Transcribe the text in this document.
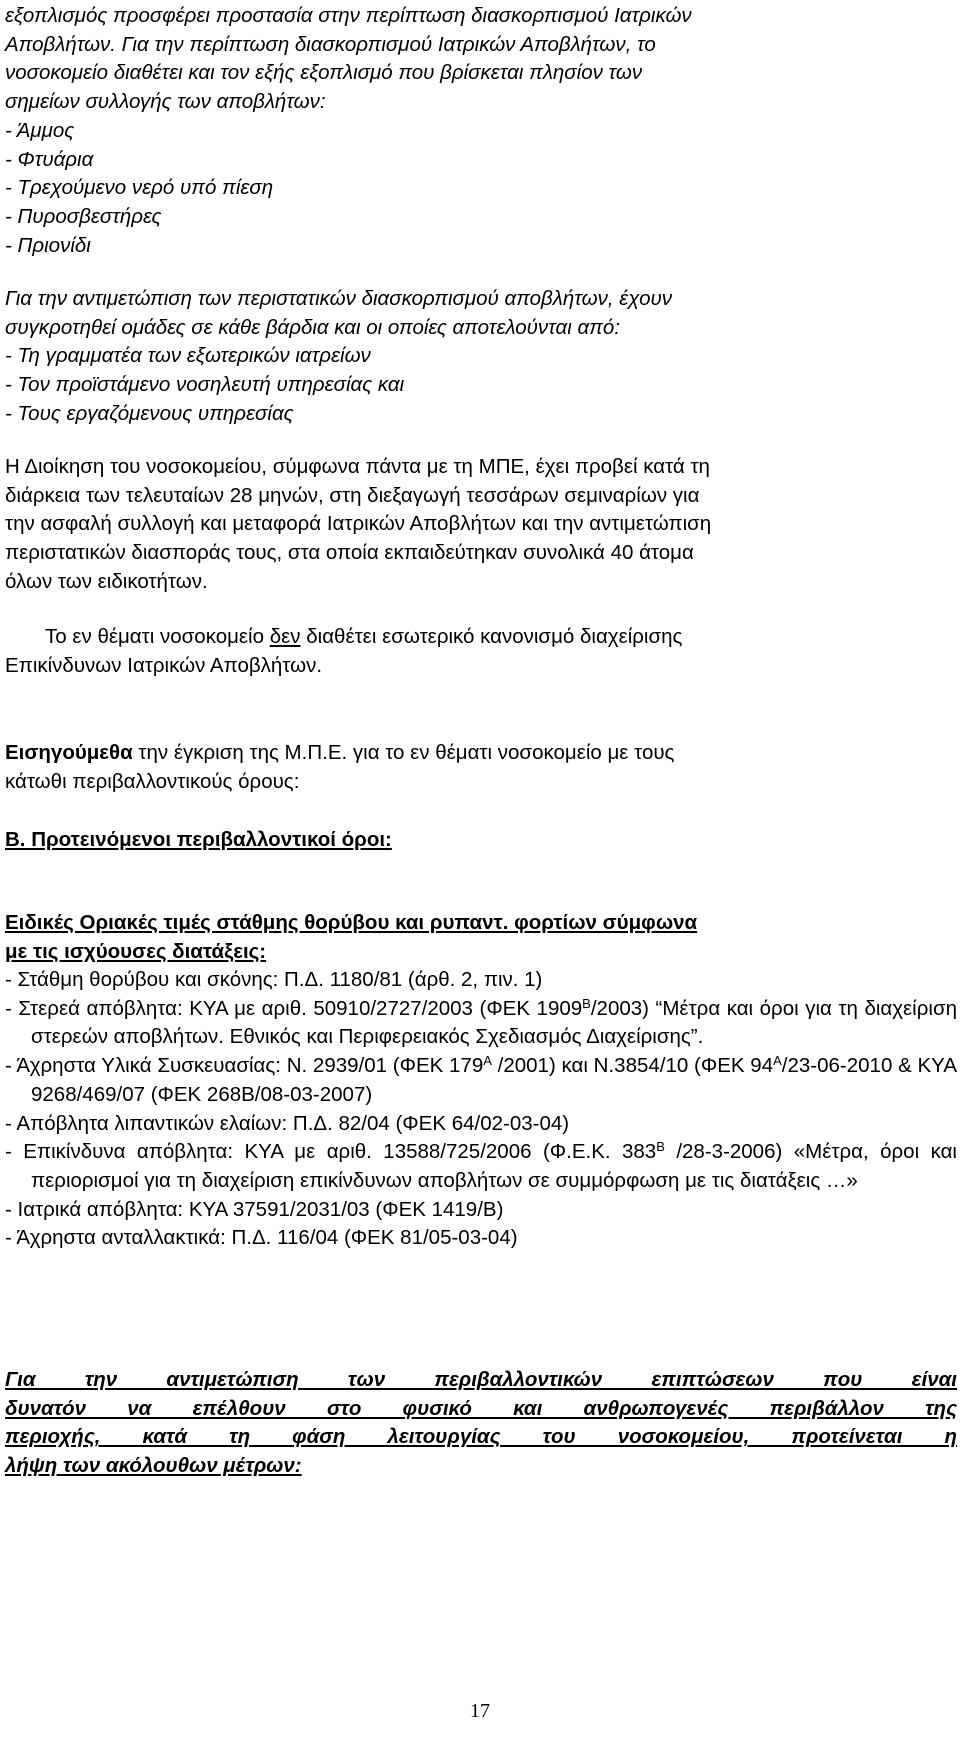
εξοπλισμός προσφέρει προστασία στην περίπτωση διασκορπισμού Ιατρικών
Αποβλήτων. Για την περίπτωση διασκορπισμού Ιατρικών Αποβλήτων, το
νοσοκομείο διαθέτει και τον εξής εξοπλισμό που βρίσκεται πλησίον των
σημείων συλλογής των αποβλήτων:
- Άμμος
- Φτυάρια
- Τρεχούμενο νερό υπό πίεση
- Πυροσβεστήρες
- Πριονίδι
Για την αντιμετώπιση των περιστατικών διασκορπισμού αποβλήτων, έχουν
συγκροτηθεί ομάδες σε κάθε βάρδια και οι οποίες αποτελούνται από:
- Τη γραμματέα των εξωτερικών ιατρείων
- Τον προϊστάμενο νοσηλευτή υπηρεσίας και
- Τους εργαζόμενους υπηρεσίας
Η Διοίκηση του νοσοκομείου, σύμφωνα πάντα με τη ΜΠΕ, έχει προβεί κατά τη
διάρκεια των τελευταίων 28 μηνών, στη διεξαγωγή τεσσάρων σεμιναρίων για
την ασφαλή συλλογή και μεταφορά Ιατρικών Αποβλήτων και την αντιμετώπιση
περιστατικών διασποράς τους, στα οποία εκπαιδεύτηκαν συνολικά 40 άτομα
όλων των ειδικοτήτων.
Το εν θέματι νοσοκομείο δεν διαθέτει εσωτερικό κανονισμό διαχείρισης
Επικίνδυνων Ιατρικών Αποβλήτων.
Εισηγούμεθα την έγκριση της Μ.Π.Ε. για το εν θέματι νοσοκομείο με τους
κάτωθι περιβαλλοντικούς όρους:
Β. Προτεινόμενοι περιβαλλοντικοί όροι:
Ειδικές Οριακές τιμές στάθμης θορύβου και ρυπαντ. φορτίων σύμφωνα
με τις ισχύουσες διατάξεις:
- Στάθμη θορύβου και σκόνης: Π.Δ. 1180/81 (άρθ. 2, πιν. 1)
- Στερεά απόβλητα: ΚΥΑ με αριθ. 50910/2727/2003 (ΦΕΚ $1909^B/2003$) “Μέτρα και όροι για τη διαχείριση στερεών αποβλήτων. Εθνικός και Περιφερειακός Σχεδιασμός Διαχείρισης”.
- Άχρηστα Υλικά Συσκευασίας: Ν. 2939/01 (ΦΕΚ $179^A$ /2001) και Ν.3854/10 (ΦΕΚ $94^A/23-06-2010$ & ΚΥΑ 9268/469/07 (ΦΕΚ 268Β/08-03-2007)
- Απόβλητα λιπαντικών ελαίων: Π.Δ. 82/04 (ΦΕΚ 64/02-03-04)
- Επικίνδυνα απόβλητα: ΚΥΑ με αριθ. 13588/725/2006 (Φ.Ε.Κ. $383^B$ /28-3-2006) «Μέτρα, όροι και περιορισμοί για τη διαχείριση επικίνδυνων αποβλήτων σε συμμόρφωση με τις διατάξεις …»
- Ιατρικά απόβλητα: ΚΥΑ 37591/2031/03 (ΦΕΚ 1419/Β)
- Άχρηστα ανταλλακτικά: Π.Δ. 116/04 (ΦΕΚ 81/05-03-04)
Για την αντιμετώπιση των περιβαλλοντικών επιπτώσεων που είναι
δυνατόν να επέλθουν στο φυσικό και ανθρωπογενές περιβάλλον της
περιοχής, κατά τη φάση λειτουργίας του νοσοκομείου, προτείνεται η
λήψη των ακόλουθων μέτρων:
17
